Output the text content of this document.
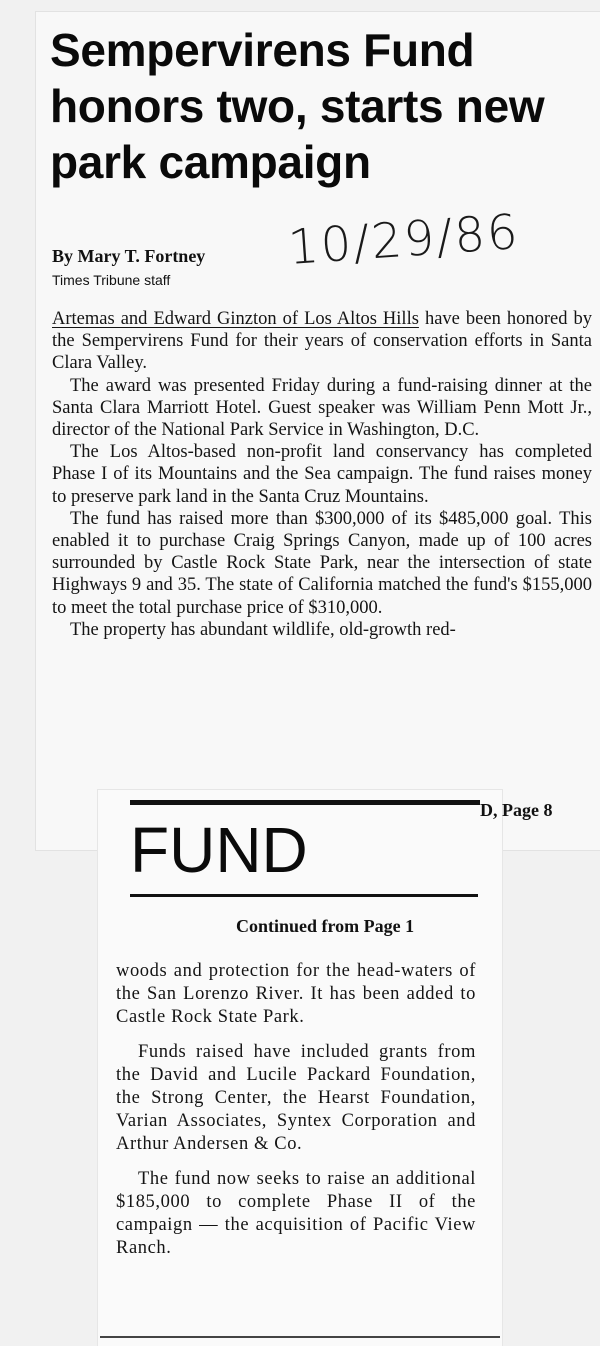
Sempervirens Fund honors two, starts new park campaign

By Mary T. Fortney

Times Tribune staff

10/29/86

Artemas and Edward Ginzton of Los Altos Hills have been honored by the Sempervirens Fund for their years of conservation efforts in Santa Clara Valley.

The award was presented Friday during a fund-raising dinner at the Santa Clara Marriott Hotel. Guest speaker was William Penn Mott Jr., director of the National Park Service in Washington, D.C.

The Los Altos-based non-profit land conservancy has completed Phase I of its Mountains and the Sea campaign. The fund raises money to preserve park land in the Santa Cruz Mountains.

The fund has raised more than $300,000 of its $485,000 goal. This enabled it to purchase Craig Springs Canyon, made up of 100 acres surrounded by Castle Rock State Park, near the intersection of state Highways 9 and 35. The state of California matched the fund's $155,000 to meet the total purchase price of $310,000.

The property has abundant wildlife, old-growth red-

D, Page 8

FUND

Continued from Page 1

woods and protection for the head-waters of the San Lorenzo River. It has been added to Castle Rock State Park.

Funds raised have included grants from the David and Lucile Packard Foundation, the Strong Center, the Hearst Foundation, Varian Associates, Syntex Corporation and Arthur Andersen & Co.

The fund now seeks to raise an additional $185,000 to complete Phase II of the campaign — the acquisition of Pacific View Ranch.
